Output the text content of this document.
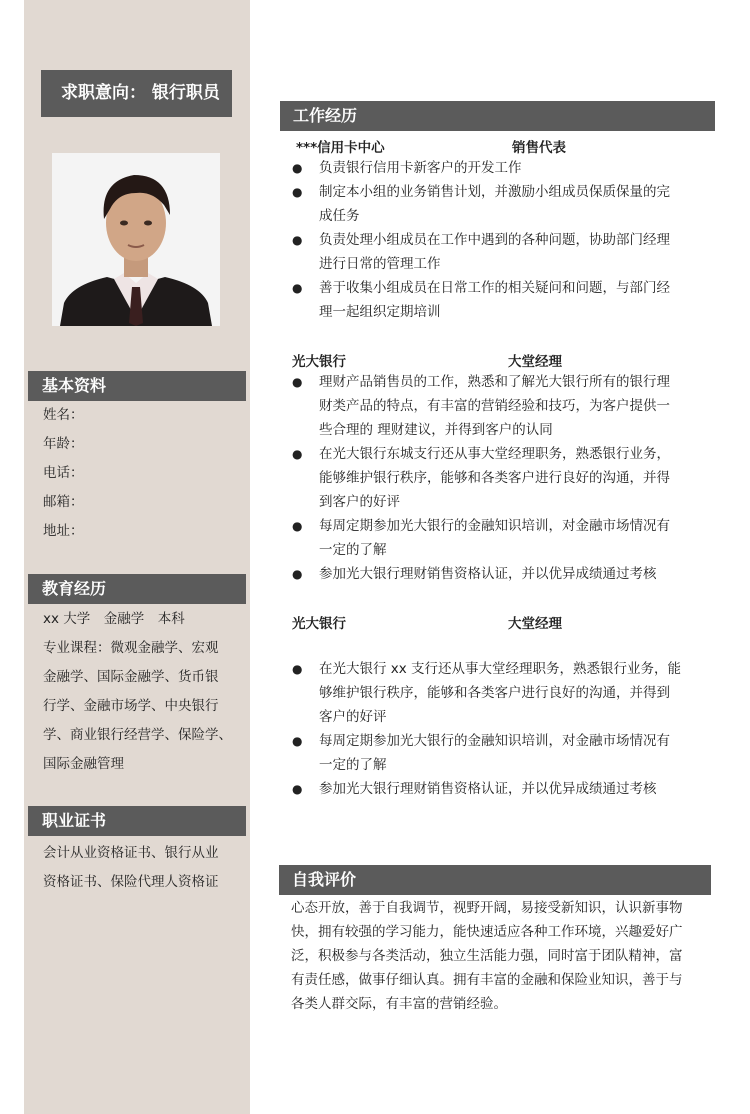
求职意向： 银行职员
基本资料
姓名：
年龄：
电话：
邮箱：
地址：
教育经历
xx 大学　金融学　本科
专业课程：微观金融学、宏观
金融学、国际金融学、货币银
行学、金融市场学、中央银行
学、商业银行经营学、保险学、
国际金融管理
职业证书
会计从业资格证书、银行从业
资格证书、保险代理人资格证
工作经历
***信用卡中心	销售代表
● 负责银行信用卡新客户的开发工作
● 制定本小组的业务销售计划，并激励小组成员保质保量的完
成任务
● 负责处理小组成员在工作中遇到的各种问题，协助部门经理
进行日常的管理工作
● 善于收集小组成员在日常工作的相关疑问和问题，与部门经
理一起组织定期培训
光大银行	大堂经理
● 理财产品销售员的工作，熟悉和了解光大银行所有的银行理
财类产品的特点，有丰富的营销经验和技巧，为客户提供一
些合理的 理财建议，并得到客户的认同
● 在光大银行东城支行还从事大堂经理职务，熟悉银行业务，
能够维护银行秩序，能够和各类客户进行良好的沟通，并得
到客户的好评
● 每周定期参加光大银行的金融知识培训，对金融市场情况有
一定的了解
● 参加光大银行理财销售资格认证，并以优异成绩通过考核
光大银行	大堂经理
● 在光大银行 xx 支行还从事大堂经理职务，熟悉银行业务，能
够维护银行秩序，能够和各类客户进行良好的沟通，并得到
客户的好评
● 每周定期参加光大银行的金融知识培训，对金融市场情况有
一定的了解
● 参加光大银行理财销售资格认证，并以优异成绩通过考核
自我评价
心态开放，善于自我调节，视野开阔，易接受新知识，认识新事物
快，拥有较强的学习能力，能快速适应各种工作环境，兴趣爱好广
泛，积极参与各类活动，独立生活能力强，同时富于团队精神，富
有责任感，做事仔细认真。拥有丰富的金融和保险业知识，善于与
各类人群交际，有丰富的营销经验。
